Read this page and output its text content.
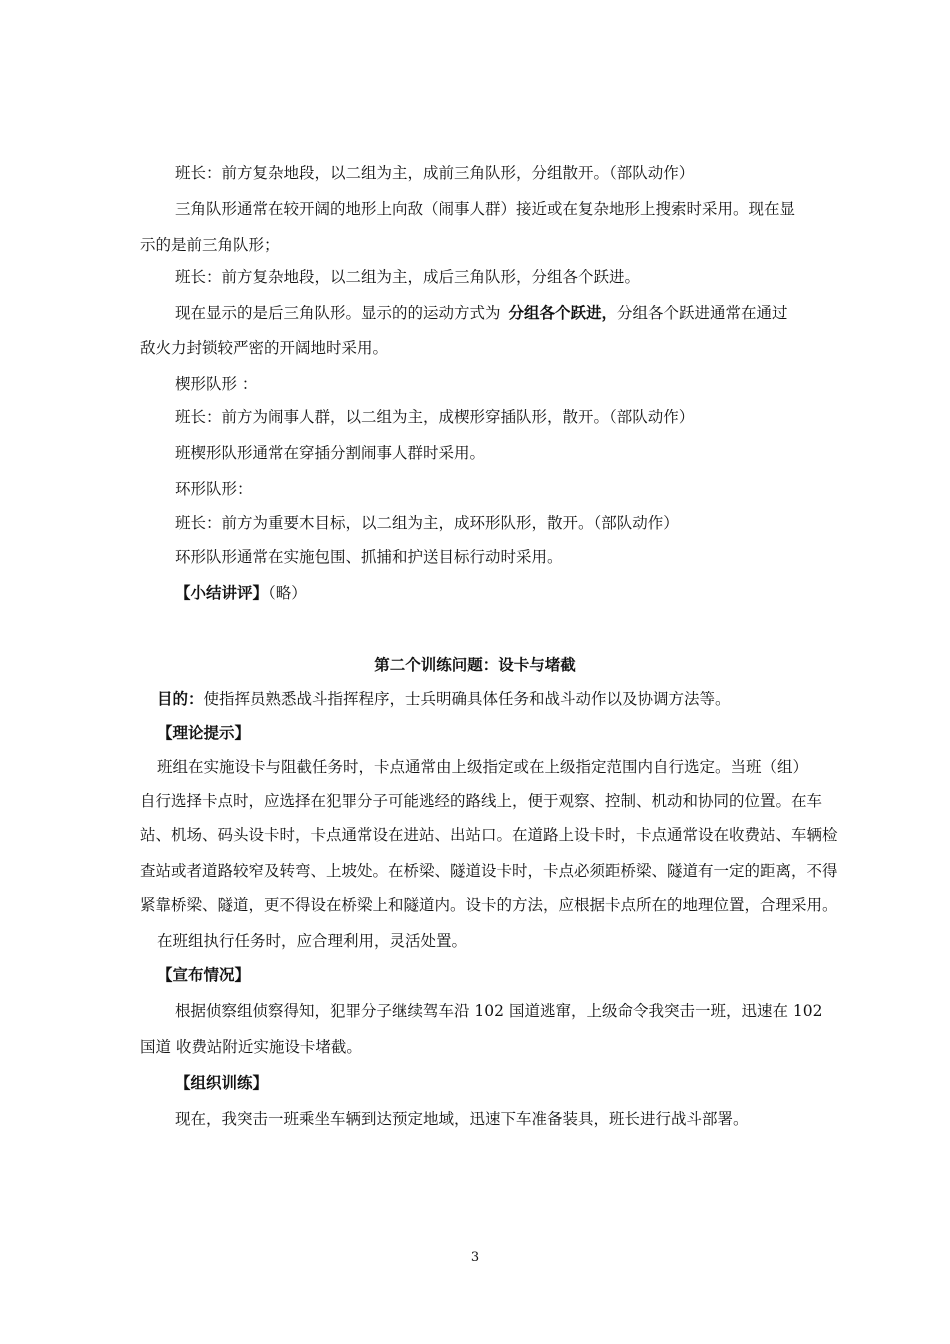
班长：前方复杂地段，以二组为主，成前三角队形，分组散开。（部队动作）
三角队形通常在较开阔的地形上向敌（闹事人群）接近或在复杂地形上搜索时采用。现在显
示的是前三角队形；
班长：前方复杂地段，以二组为主，成后三角队形，分组各个跃进。
现在显示的是后三角队形。显示的的运动方式为 分组各个跃进，分组各个跃进通常在通过
敌火力封锁较严密的开阔地时采用。
楔形队形 ：
班长：前方为闹事人群，以二组为主，成楔形穿插队形，散开。（部队动作）
班楔形队形通常在穿插分割闹事人群时采用。
环形队形：
班长：前方为重要木目标，以二组为主，成环形队形，散开。（部队动作）
环形队形通常在实施包围、抓捕和护送目标行动时采用。
【小结讲评】（略）
第二个训练问题：设卡与堵截
目的：使指挥员熟悉战斗指挥程序，士兵明确具体任务和战斗动作以及协调方法等。
【理论提示】
班组在实施设卡与阻截任务时，卡点通常由上级指定或在上级指定范围内自行选定。当班（组）
自行选择卡点时，应选择在犯罪分子可能逃经的路线上，便于观察、控制、机动和协同的位置。在车
站、机场、码头设卡时，卡点通常设在进站、出站口。在道路上设卡时，卡点通常设在收费站、车辆检
查站或者道路较窄及转弯、上坡处。在桥梁、隧道设卡时，卡点必须距桥梁、隧道有一定的距离，不得
紧靠桥梁、隧道，更不得设在桥梁上和隧道内。设卡的方法，应根据卡点所在的地理位置，合理采用。
在班组执行任务时，应合理利用，灵活处置。
【宣布情况】
根据侦察组侦察得知，犯罪分子继续驾车沿 102 国道逃窜，上级命令我突击一班，迅速在 102
国道 收费站附近实施设卡堵截。
【组织训练】
现在，我突击一班乘坐车辆到达预定地域，迅速下车准备装具，班长进行战斗部署。
3
